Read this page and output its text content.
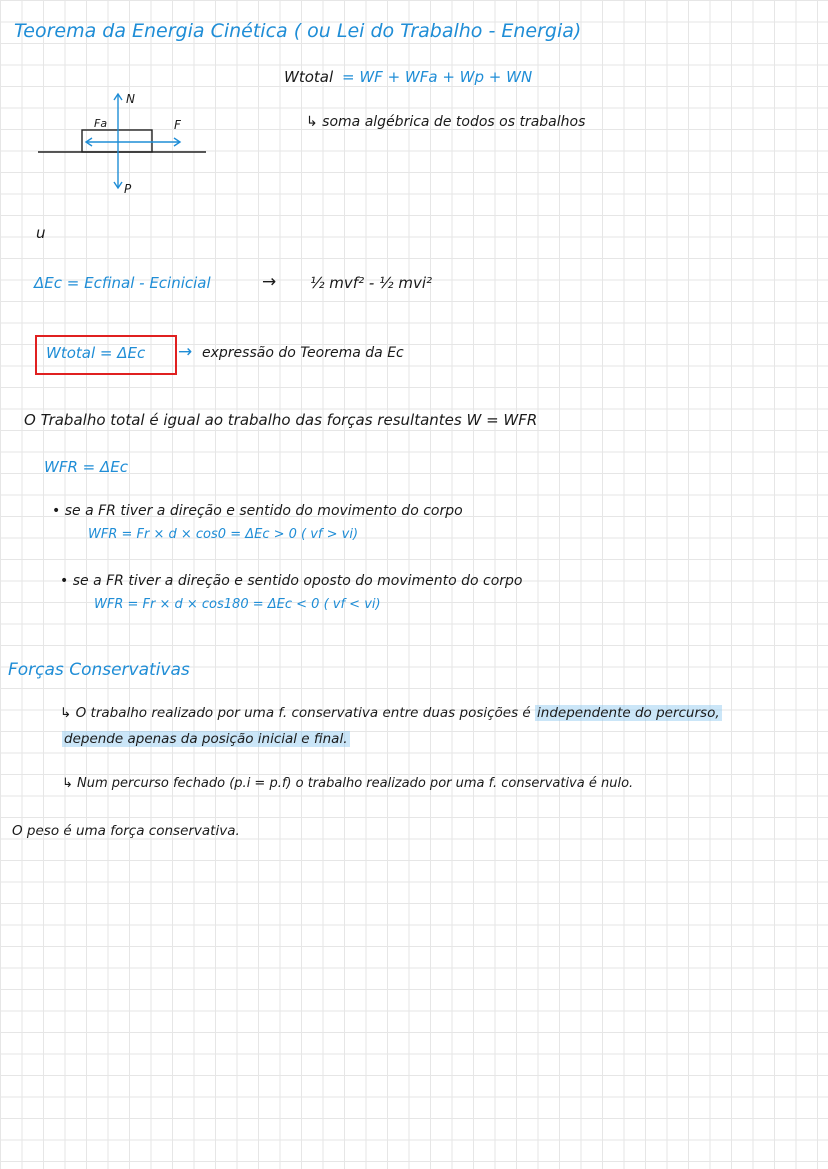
Teorema da Energia Cinética ( ou Lei do Trabalho - Energia)
Wtotal = WF + WFa + Wp + WN
↳ soma algébrica de todos os trabalhos
N
Fa	F
P
u
ΔEc = Ecfinal - Ecinicial	→ ½ mvf² - ½ mvi²
Wtotal = ΔEc → expressão do Teorema da Ec
O Trabalho total é igual ao trabalho das forças resultantes W = WFR
WFR = ΔEc
• se a FR tiver a direção e sentido do movimento do corpo
WFR = Fr × d × cos0 = ΔEc > 0 ( vf > vi)
• se a FR tiver a direção e sentido oposto do movimento do corpo
WFR = Fr × d × cos180 = ΔEc < 0 ( vf < vi)
Forças Conservativas
↳ O trabalho realizado por uma f. conservativa entre duas posições é independente do percurso,
depende apenas da posição inicial e final.
↳ Num percurso fechado (p.i = p.f) o trabalho realizado por uma f. conservativa é nulo.
O peso é uma força conservativa.
